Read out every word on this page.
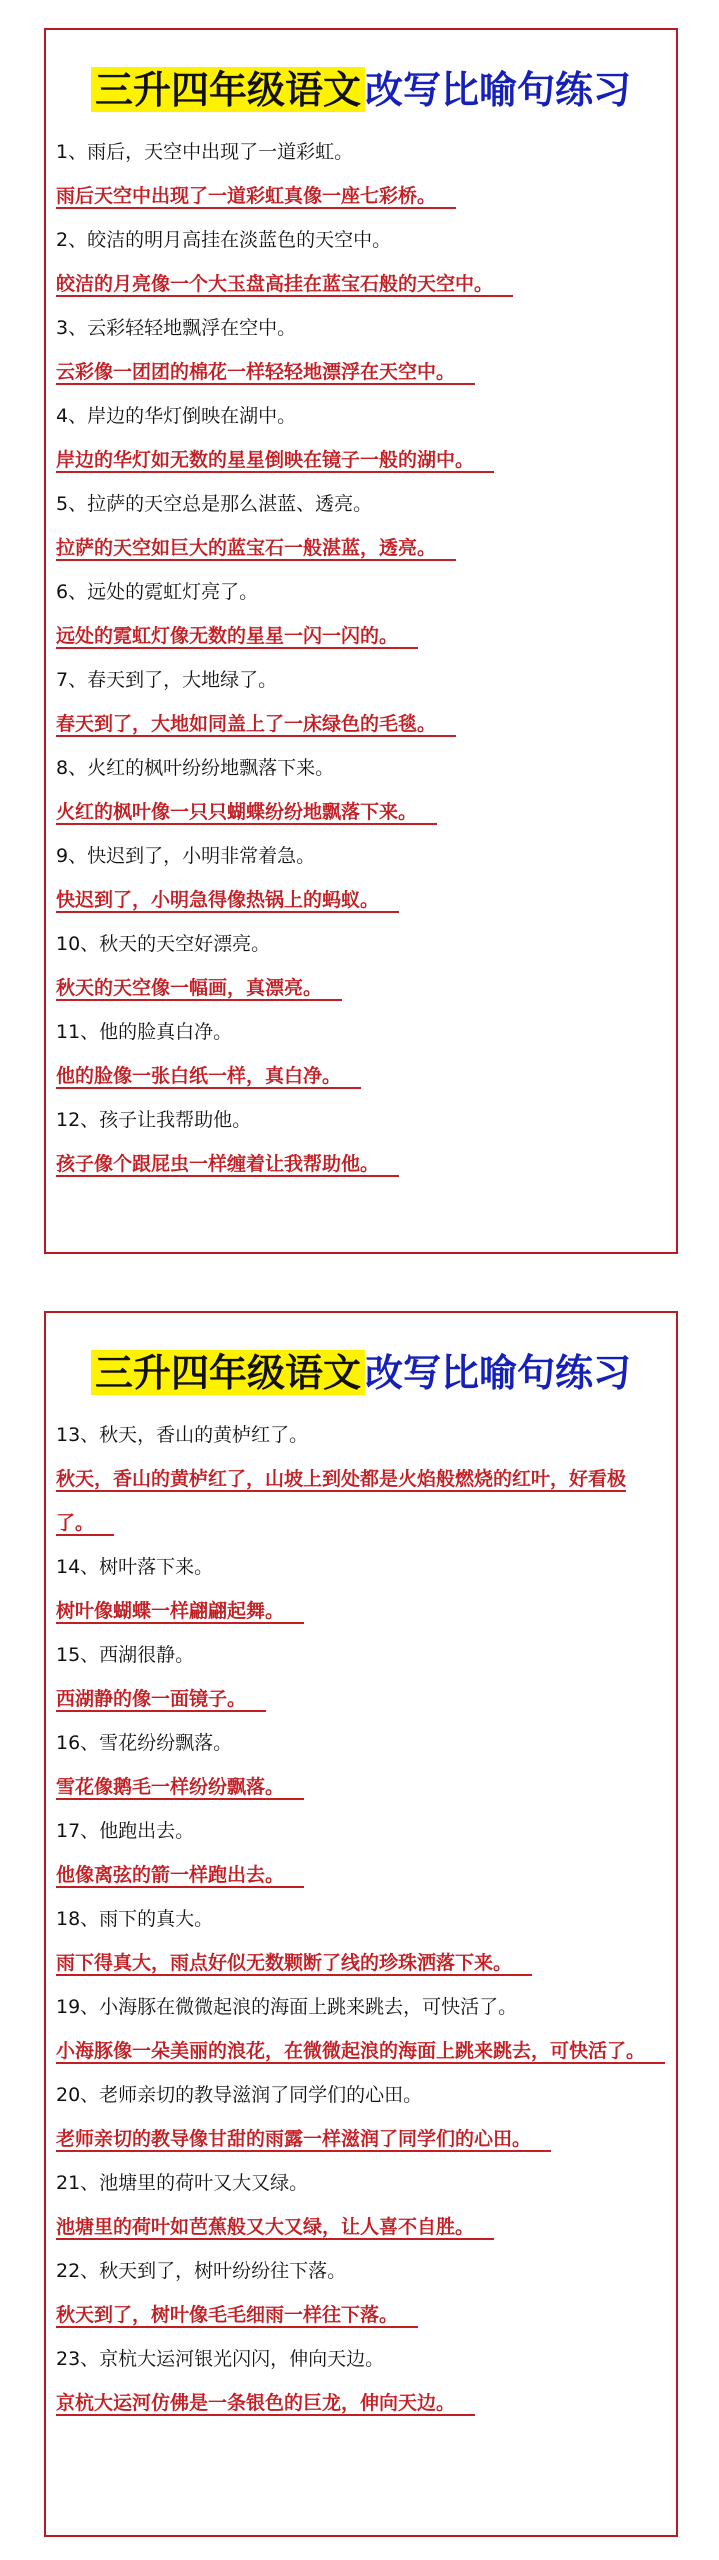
三升四年级语文 改写比喻句练习
1、雨后，天空中出现了一道彩虹。
雨后天空中出现了一道彩虹真像一座七彩桥。
2、皎洁的明月高挂在淡蓝色的天空中。
皎洁的月亮像一个大玉盘高挂在蓝宝石般的天空中。
3、云彩轻轻地飘浮在空中。
云彩像一团团的棉花一样轻轻地漂浮在天空中。
4、岸边的华灯倒映在湖中。
岸边的华灯如无数的星星倒映在镜子一般的湖中。
5、拉萨的天空总是那么湛蓝、透亮。
拉萨的天空如巨大的蓝宝石一般湛蓝，透亮。
6、远处的霓虹灯亮了。
远处的霓虹灯像无数的星星一闪一闪的。
7、春天到了，大地绿了。
春天到了，大地如同盖上了一床绿色的毛毯。
8、火红的枫叶纷纷地飘落下来。
火红的枫叶像一只只蝴蝶纷纷地飘落下来。
9、快迟到了，小明非常着急。
快迟到了，小明急得像热锅上的蚂蚁。
10、秋天的天空好漂亮。
秋天的天空像一幅画，真漂亮。
11、他的脸真白净。
他的脸像一张白纸一样，真白净。
12、孩子让我帮助他。
孩子像个跟屁虫一样缠着让我帮助他。
三升四年级语文 改写比喻句练习
13、秋天，香山的黄栌红了。
秋天，香山的黄栌红了，山坡上到处都是火焰般燃烧的红叶，好看极了。
14、树叶落下来。
树叶像蝴蝶一样翩翩起舞。
15、西湖很静。
西湖静的像一面镜子。
16、雪花纷纷飘落。
雪花像鹅毛一样纷纷飘落。
17、他跑出去。
他像离弦的箭一样跑出去。
18、雨下的真大。
雨下得真大，雨点好似无数颗断了线的珍珠洒落下来。
19、小海豚在微微起浪的海面上跳来跳去，可快活了。
小海豚像一朵美丽的浪花，在微微起浪的海面上跳来跳去，可快活了。
20、老师亲切的教导滋润了同学们的心田。
老师亲切的教导像甘甜的雨露一样滋润了同学们的心田。
21、池塘里的荷叶又大又绿。
池塘里的荷叶如芭蕉般又大又绿，让人喜不自胜。
22、秋天到了，树叶纷纷往下落。
秋天到了，树叶像毛毛细雨一样往下落。
23、京杭大运河银光闪闪，伸向天边。
京杭大运河仿佛是一条银色的巨龙，伸向天边。
